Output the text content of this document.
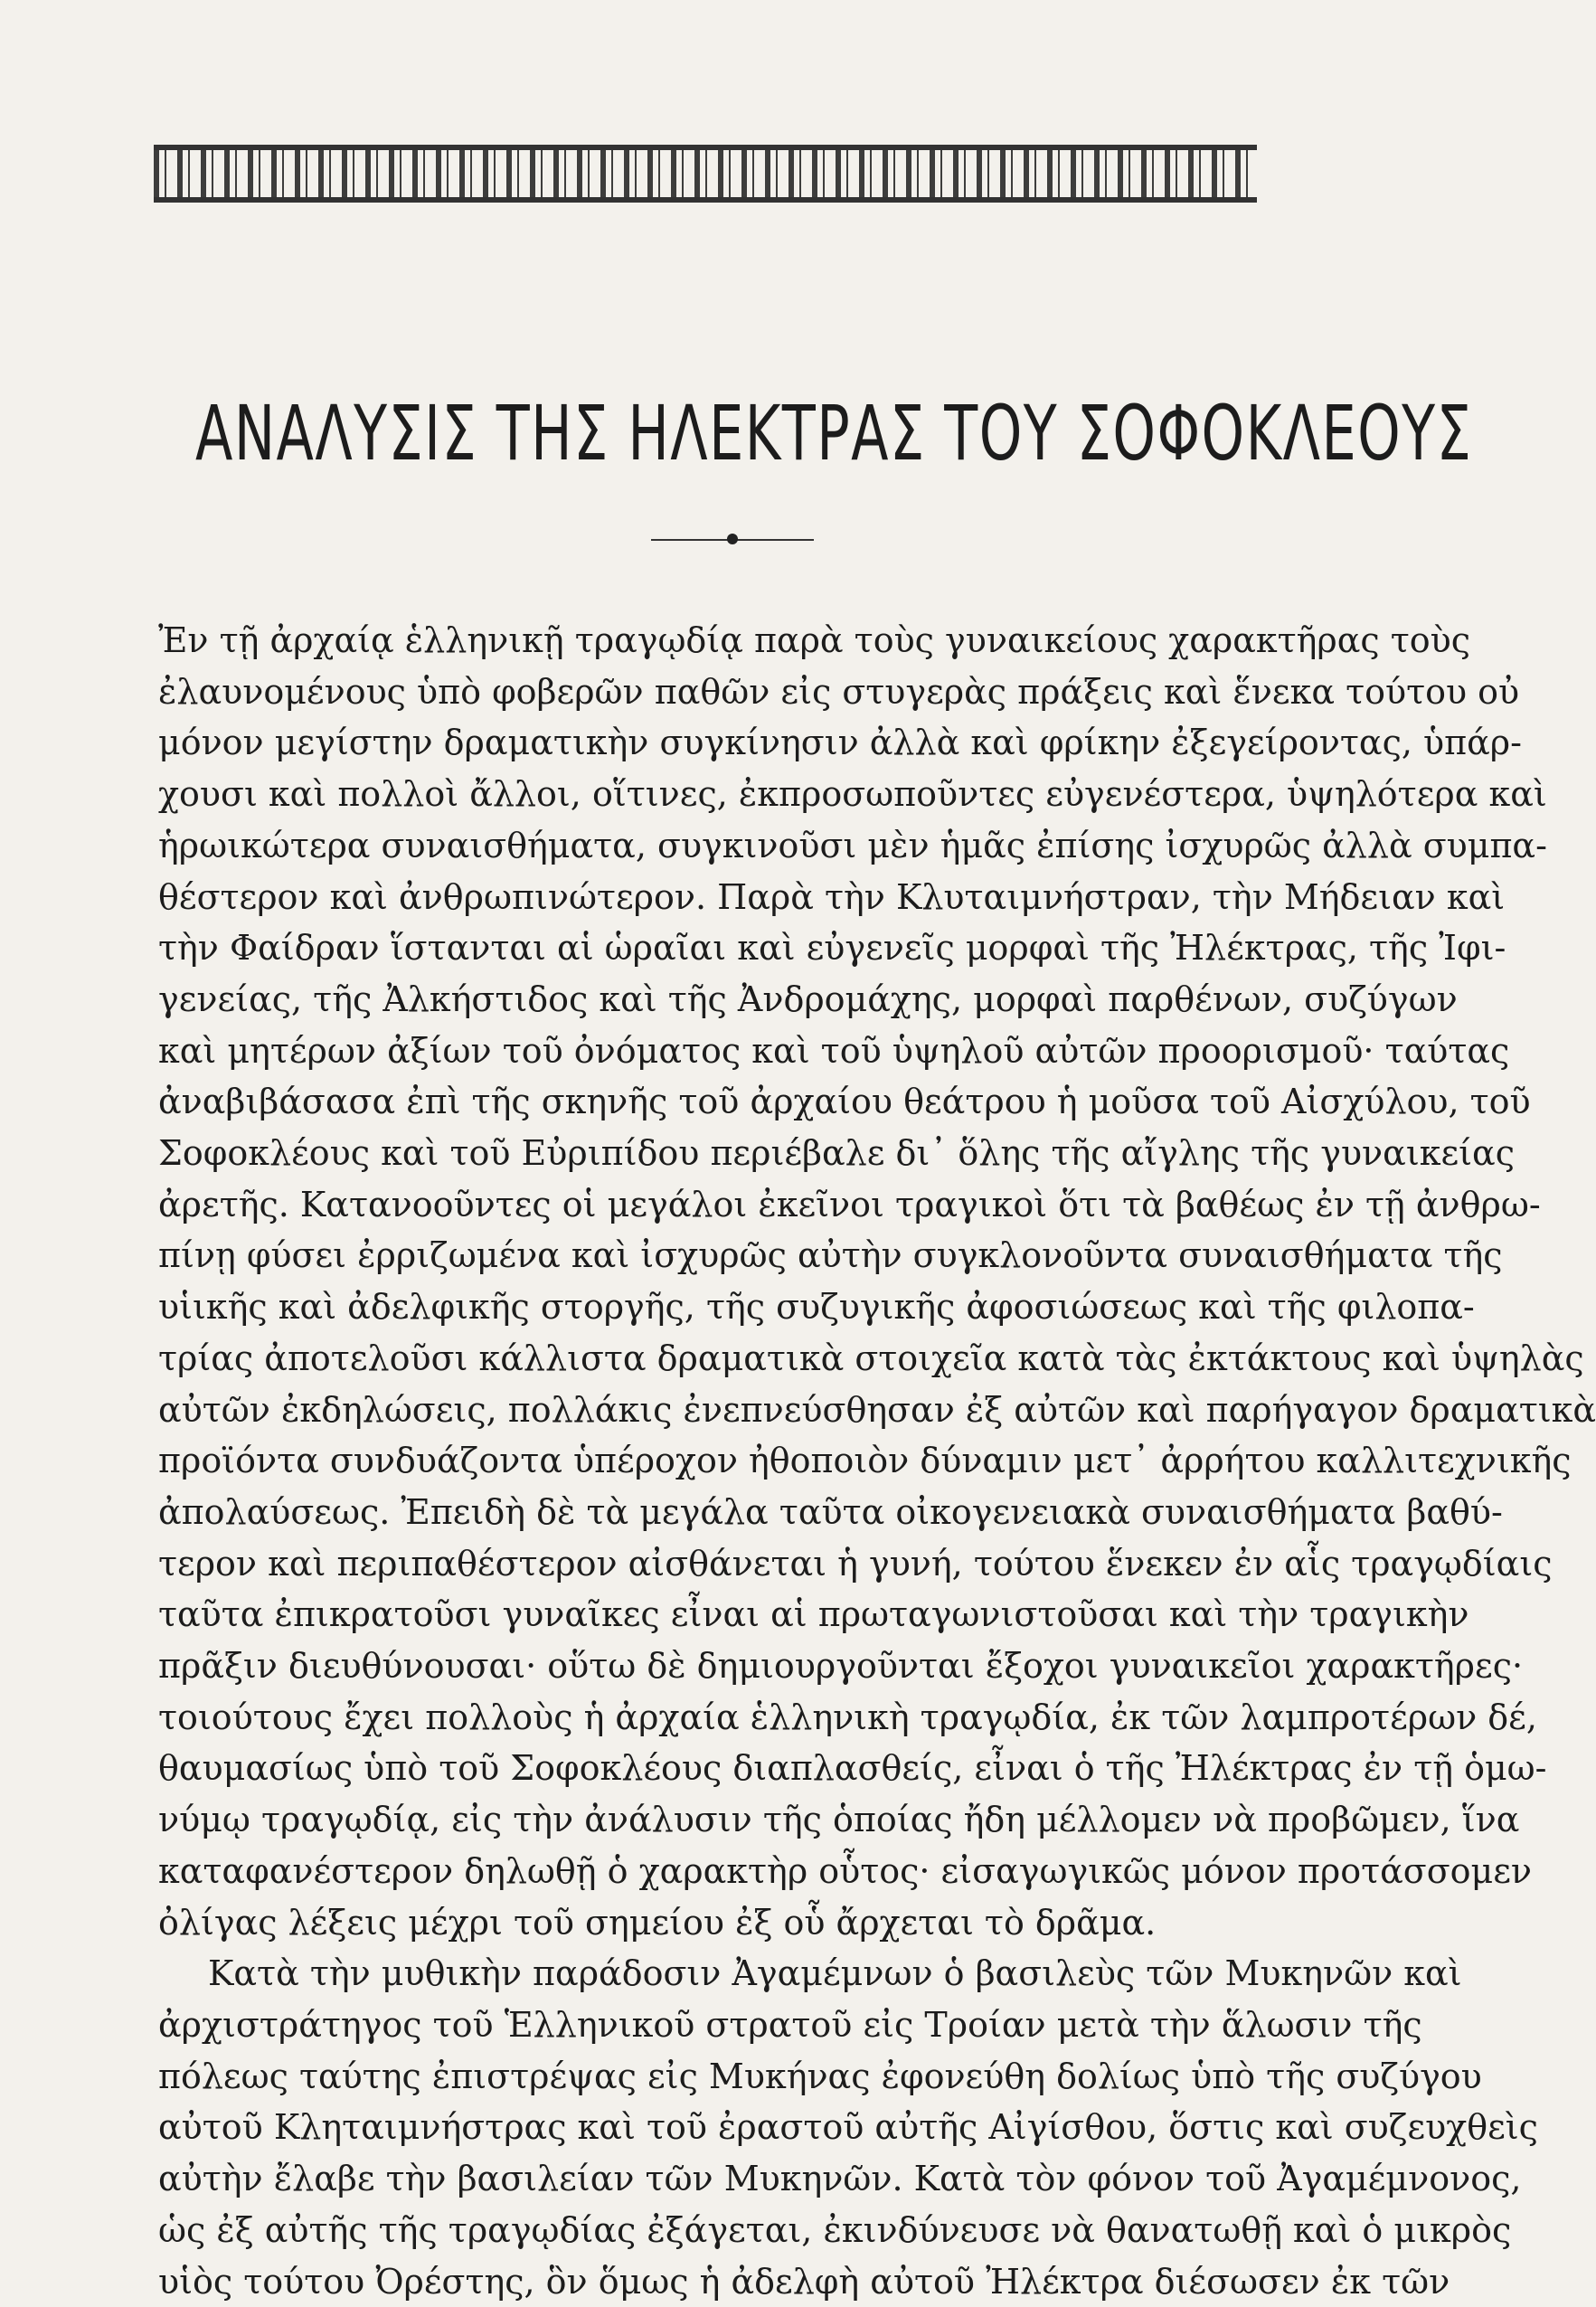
ΑΝΑΛΥΣΙΣ ΤΗΣ ΗΛΕΚΤΡΑΣ ΤΟΥ ΣΟΦΟΚΛΕΟΥΣ
Ἐν τῇ ἀρχαίᾳ ἑλληνικῇ τραγῳδίᾳ παρὰ τοὺς γυναικείους χαρακτῆρας τοὺς
ἐλαυνομένους ὑπὸ φοβερῶν παθῶν εἰς στυγερὰς πράξεις καὶ ἕνεκα τούτου οὐ
μόνον μεγίστην δραματικὴν συγκίνησιν ἀλλὰ καὶ φρίκην ἐξεγείροντας, ὑπάρ-
χουσι καὶ πολλοὶ ἄλλοι, οἵτινες, ἐκπροσωποῦντες εὐγενέστερα, ὑψηλότερα καὶ
ἡρωικώτερα συναισθήματα, συγκινοῦσι μὲν ἡμᾶς ἐπίσης ἰσχυρῶς ἀλλὰ συμπα-
θέστερον καὶ ἀνθρωπινώτερον. Παρὰ τὴν Κλυταιμνήστραν, τὴν Μήδειαν καὶ
τὴν Φαίδραν ἵστανται αἱ ὡραῖαι καὶ εὐγενεῖς μορφαὶ τῆς Ἠλέκτρας, τῆς Ἰφι-
γενείας, τῆς Ἀλκήστιδος καὶ τῆς Ἀνδρομάχης, μορφαὶ παρθένων, συζύγων
καὶ μητέρων ἀξίων τοῦ ὀνόματος καὶ τοῦ ὑψηλοῦ αὐτῶν προορισμοῦ· ταύτας
ἀναβιβάσασα ἐπὶ τῆς σκηνῆς τοῦ ἀρχαίου θεάτρου ἡ μοῦσα τοῦ Αἰσχύλου, τοῦ
Σοφοκλέους καὶ τοῦ Εὐριπίδου περιέβαλε δι᾽ ὅλης τῆς αἴγλης τῆς γυναικείας
ἀρετῆς. Κατανοοῦντες οἱ μεγάλοι ἐκεῖνοι τραγικοὶ ὅτι τὰ βαθέως ἐν τῇ ἀνθρω-
πίνῃ φύσει ἐρριζωμένα καὶ ἰσχυρῶς αὐτὴν συγκλονοῦντα συναισθήματα τῆς
υἱικῆς καὶ ἀδελφικῆς στοργῆς, τῆς συζυγικῆς ἀφοσιώσεως καὶ τῆς φιλοπα-
τρίας ἀποτελοῦσι κάλλιστα δραματικὰ στοιχεῖα κατὰ τὰς ἐκτάκτους καὶ ὑψηλὰς
αὐτῶν ἐκδηλώσεις, πολλάκις ἐνεπνεύσθησαν ἐξ αὐτῶν καὶ παρήγαγον δραματικὰ
προϊόντα συνδυάζοντα ὑπέροχον ἠθοποιὸν δύναμιν μετ᾽ ἀρρήτου καλλιτεχνικῆς
ἀπολαύσεως. Ἐπειδὴ δὲ τὰ μεγάλα ταῦτα οἰκογενειακὰ συναισθήματα βαθύ-
τερον καὶ περιπαθέστερον αἰσθάνεται ἡ γυνή, τούτου ἕνεκεν ἐν αἷς τραγῳδίαις
ταῦτα ἐπικρατοῦσι γυναῖκες εἶναι αἱ πρωταγωνιστοῦσαι καὶ τὴν τραγικὴν
πρᾶξιν διευθύνουσαι· οὕτω δὲ δημιουργοῦνται ἔξοχοι γυναικεῖοι χαρακτῆρες·
τοιούτους ἔχει πολλοὺς ἡ ἀρχαία ἑλληνικὴ τραγῳδία, ἐκ τῶν λαμπροτέρων δέ,
θαυμασίως ὑπὸ τοῦ Σοφοκλέους διαπλασθείς, εἶναι ὁ τῆς Ἠλέκτρας ἐν τῇ ὁμω-
νύμῳ τραγῳδίᾳ, εἰς τὴν ἀνάλυσιν τῆς ὁποίας ἤδη μέλλομεν νὰ προβῶμεν, ἵνα
καταφανέστερον δηλωθῇ ὁ χαρακτὴρ οὗτος· εἰσαγωγικῶς μόνον προτάσσομεν
ὀλίγας λέξεις μέχρι τοῦ σημείου ἐξ οὗ ἄρχεται τὸ δρᾶμα.
Κατὰ τὴν μυθικὴν παράδοσιν Ἀγαμέμνων ὁ βασιλεὺς τῶν Μυκηνῶν καὶ
ἀρχιστράτηγος τοῦ Ἑλληνικοῦ στρατοῦ εἰς Τροίαν μετὰ τὴν ἅλωσιν τῆς
πόλεως ταύτης ἐπιστρέψας εἰς Μυκήνας ἐφονεύθη δολίως ὑπὸ τῆς συζύγου
αὐτοῦ Κληταιμνήστρας καὶ τοῦ ἐραστοῦ αὐτῆς Αἰγίσθου, ὅστις καὶ συζευχθεὶς
αὐτὴν ἔλαβε τὴν βασιλείαν τῶν Μυκηνῶν. Κατὰ τὸν φόνον τοῦ Ἀγαμέμνονος,
ὡς ἐξ αὐτῆς τῆς τραγῳδίας ἐξάγεται, ἐκινδύνευσε νὰ θανατωθῇ καὶ ὁ μικρὸς
υἱὸς τούτου Ὀρέστης, ὃν ὅμως ἡ ἀδελφὴ αὐτοῦ Ἠλέκτρα διέσωσεν ἐκ τῶν
